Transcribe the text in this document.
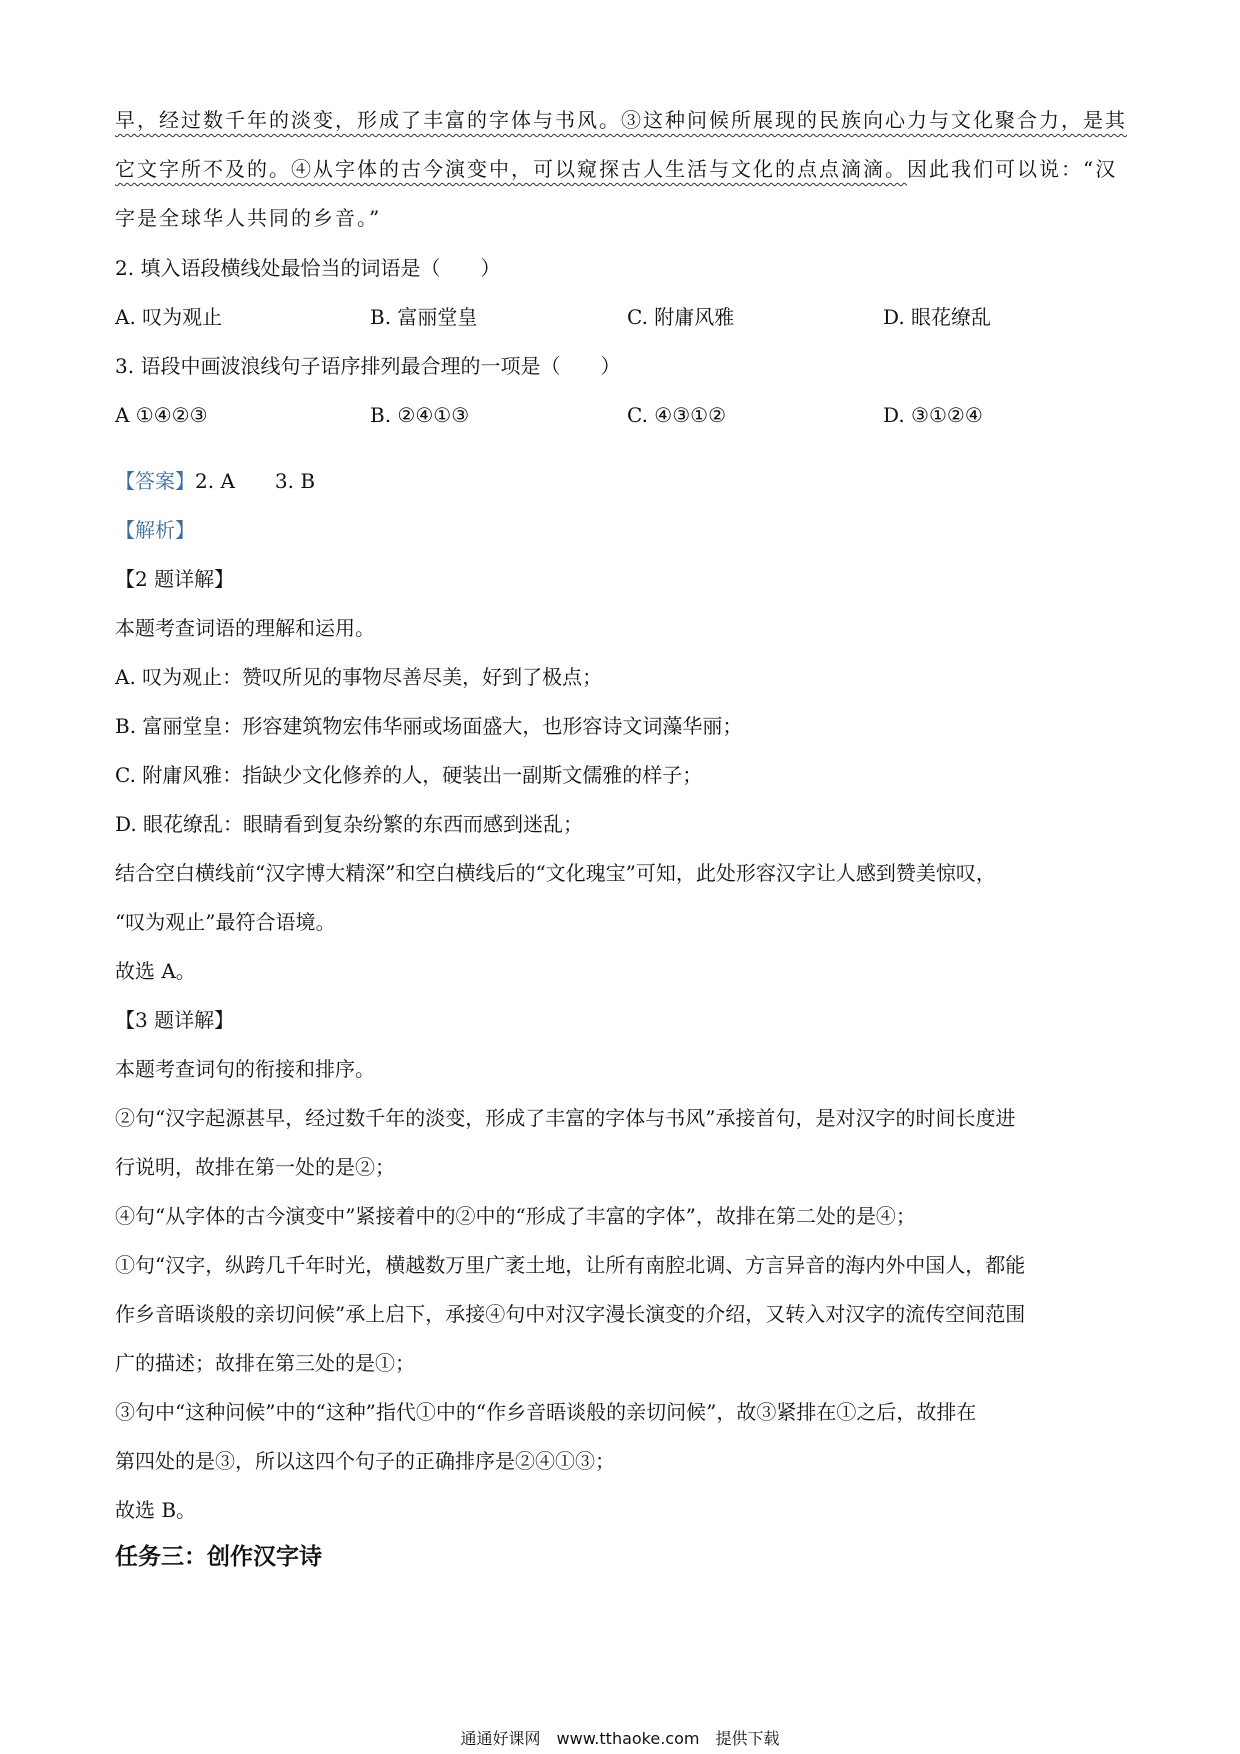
早，经过数千年的淡变，形成了丰富的字体与书风。③这种问候所展现的民族向心力与文化聚合力，是其
它文字所不及的。④从字体的古今演变中，可以窥探古人生活与文化的点点滴滴。因此我们可以说：“汉
字是全球华人共同的乡音。”
2. 填入语段横线处最恰当的词语是（　　）
A. 叹为观止	B. 富丽堂皇	C. 附庸风雅	D. 眼花缭乱
3. 语段中画波浪线句子语序排列最合理的一项是（　　）
A ①④②③	B. ②④①③	C. ④③①②	D. ③①②④
【答案】2. A　　3. B
【解析】
【2 题详解】
本题考查词语的理解和运用。
A. 叹为观止：赞叹所见的事物尽善尽美，好到了极点；
B. 富丽堂皇：形容建筑物宏伟华丽或场面盛大，也形容诗文词藻华丽；
C. 附庸风雅：指缺少文化修养的人，硬装出一副斯文儒雅的样子；
D. 眼花缭乱：眼睛看到复杂纷繁的东西而感到迷乱；
结合空白横线前“汉字博大精深”和空白横线后的“文化瑰宝”可知，此处形容汉字让人感到赞美惊叹，
“叹为观止”最符合语境。
故选 A。
【3 题详解】
本题考查词句的衔接和排序。
②句“汉字起源甚早，经过数千年的淡变，形成了丰富的字体与书风”承接首句，是对汉字的时间长度进
行说明，故排在第一处的是②；
④句“从字体的古今演变中”紧接着中的②中的“形成了丰富的字体”，故排在第二处的是④；
①句“汉字，纵跨几千年时光，横越数万里广袤土地，让所有南腔北调、方言异音的海内外中国人，都能
作乡音晤谈般的亲切问候”承上启下，承接④句中对汉字漫长演变的介绍，又转入对汉字的流传空间范围
广的描述；故排在第三处的是①；
③句中“这种问候”中的“这种”指代①中的“作乡音晤谈般的亲切问候”，故③紧排在①之后，故排在
第四处的是③，所以这四个句子的正确排序是②④①③；
故选 B。
任务三：创作汉字诗
通通好课网　www.tthaoke.com　提供下载
